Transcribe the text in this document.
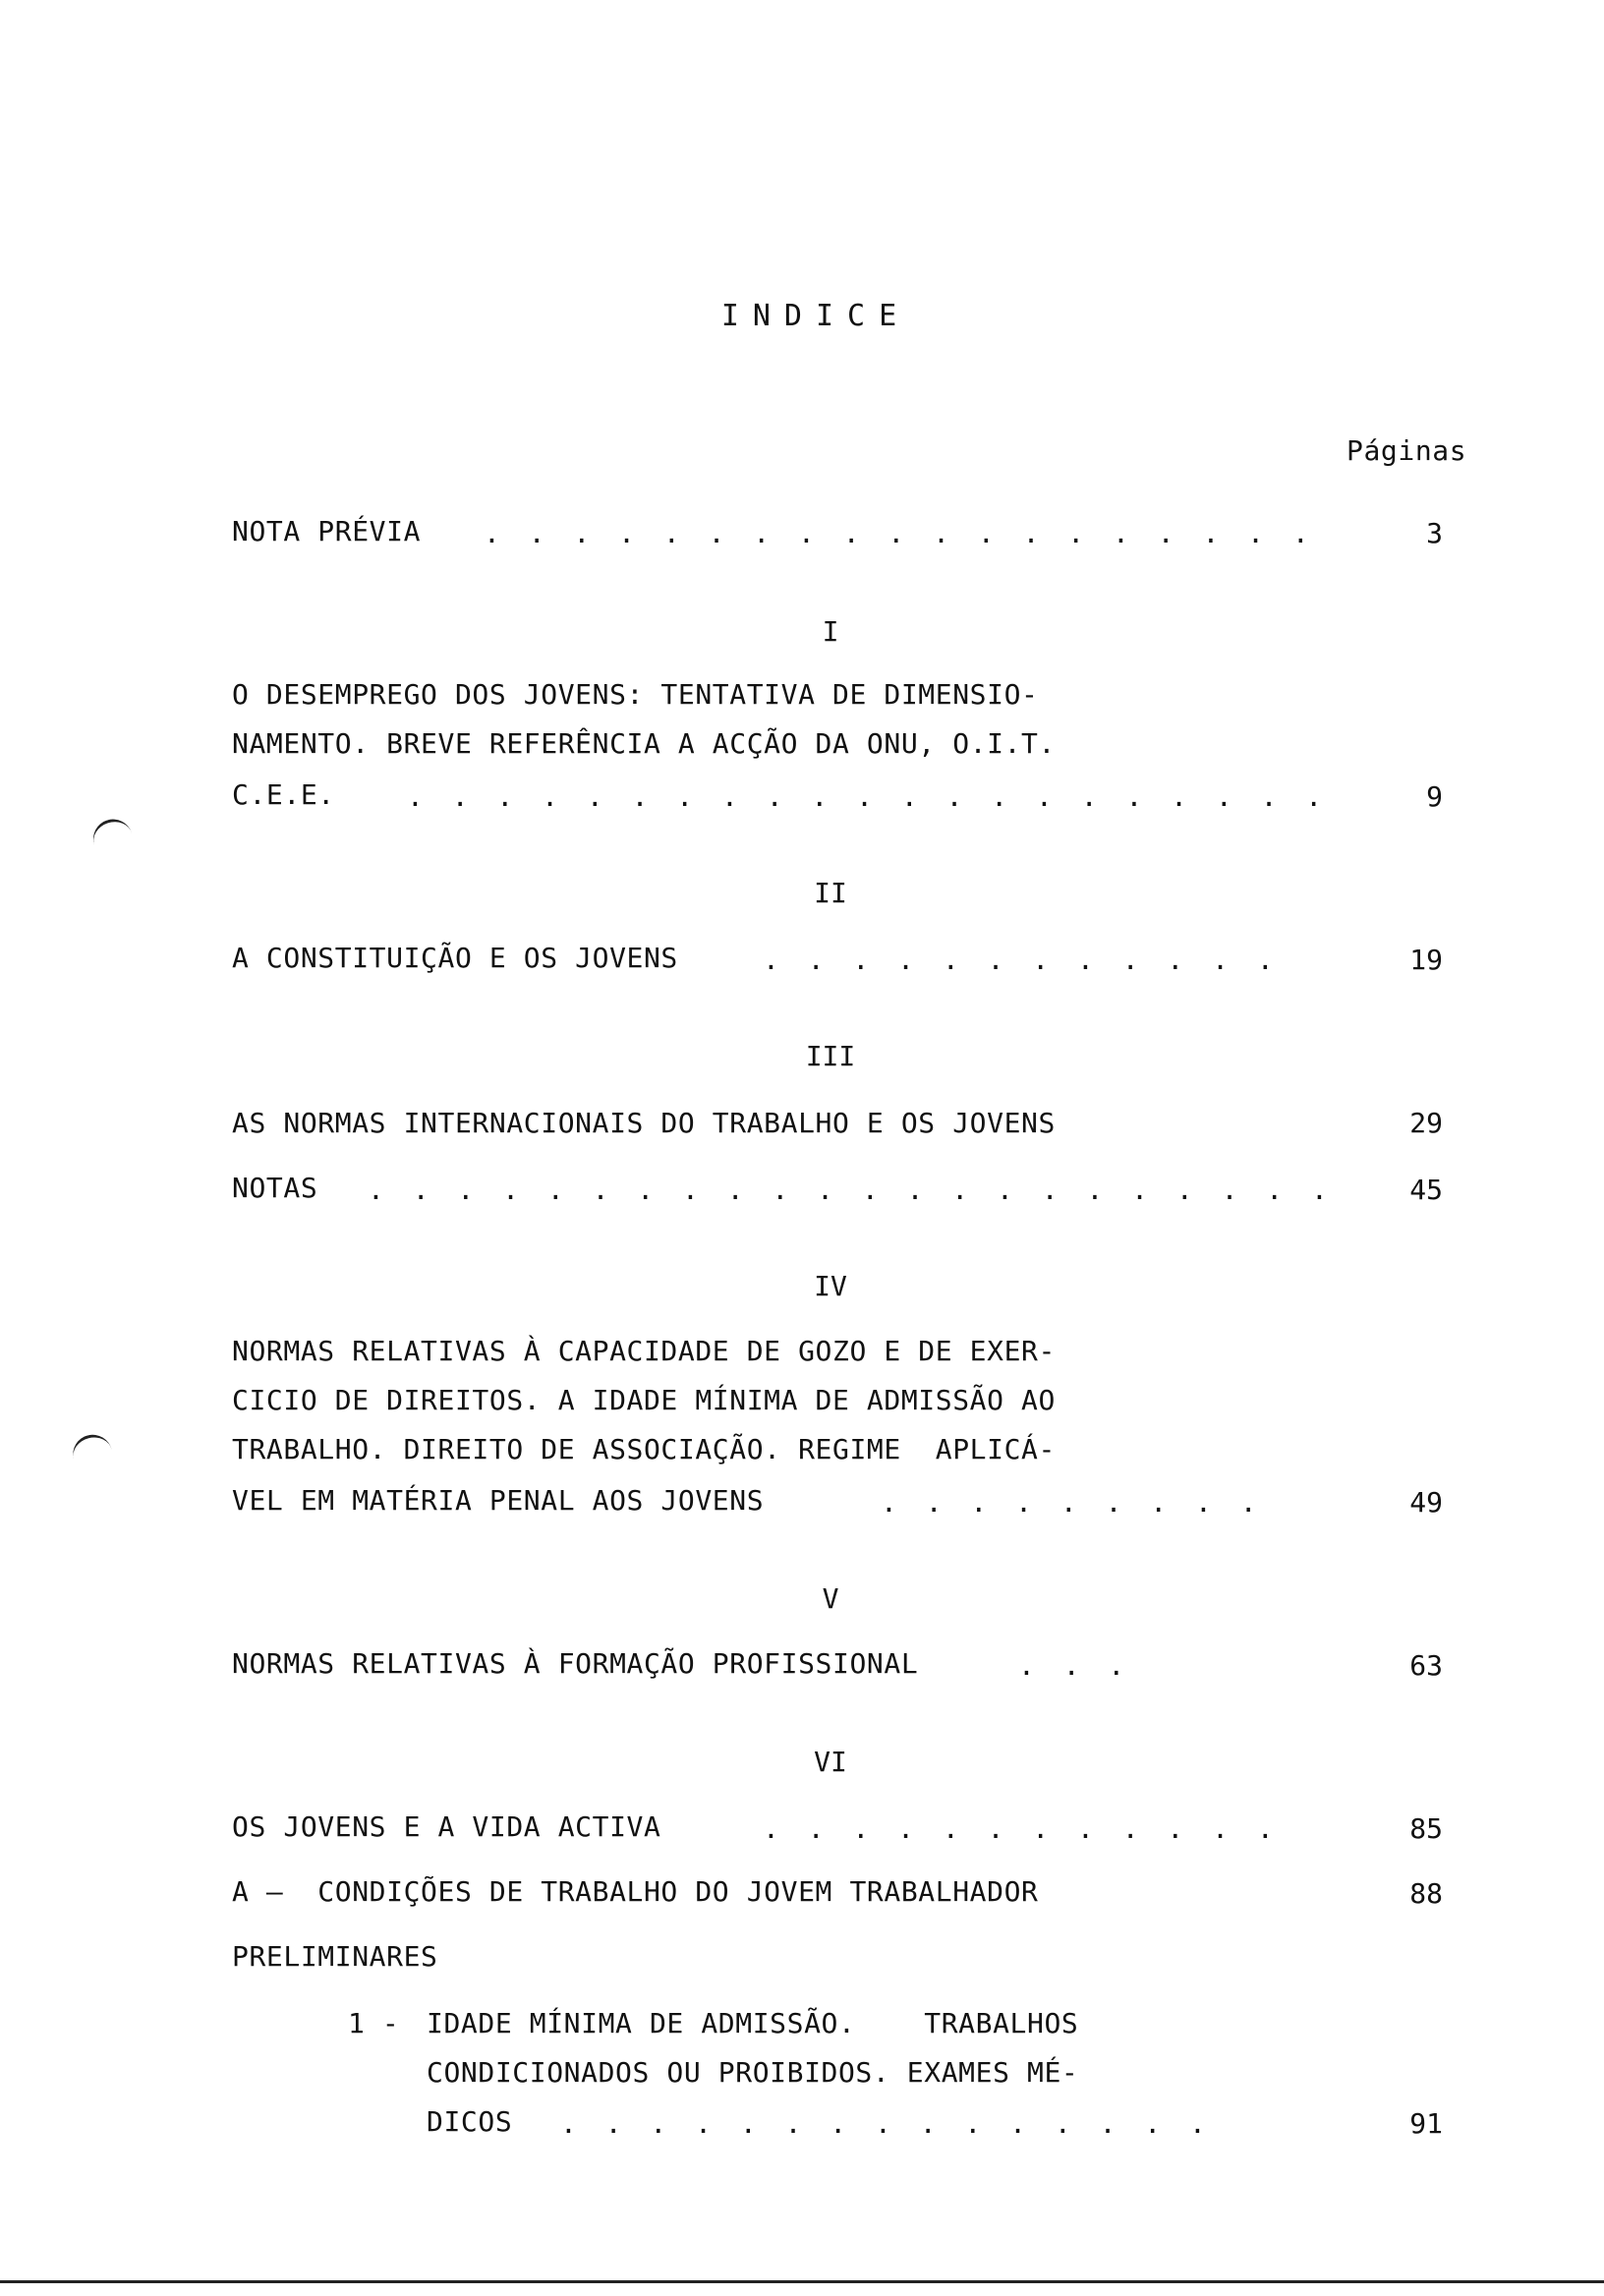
INDICE
Páginas
NOTA PRÉVIA . . . . . . . . . . . . . . . . . . .	3
I
O DESEMPREGO DOS JOVENS: TENTATIVA DE DIMENSIO-
NAMENTO. BREVE REFERÊNCIA A ACÇÃO DA ONU, O.I.T.
C.E.E.	. . . . . . . . . . . . . . . . . . . . .	9
II
A CONSTITUIÇÃO E OS JOVENS	. . . . . . . . . . . .	19
III
AS NORMAS INTERNACIONAIS DO TRABALHO E OS JOVENS	29
NOTAS . . . . . . . . . . . . . . . . . . . . . .	45
IV
NORMAS RELATIVAS À CAPACIDADE DE GOZO E DE EXER-
CICIO DE DIREITOS. A IDADE MÍNIMA DE ADMISSÃO AO
TRABALHO. DIREITO DE ASSOCIAÇÃO. REGIME  APLICÁ-
VEL EM MATÉRIA PENAL AOS JOVENS	. . . . . . . . .	49
V
NORMAS RELATIVAS À FORMAÇÃO PROFISSIONAL	. . .	63
VI
OS JOVENS E A VIDA ACTIVA	. . . . . . . . . . . .	85
A —  CONDIÇÕES DE TRABALHO DO JOVEM TRABALHADOR	88
PRELIMINARES
1 - IDADE MÍNIMA DE ADMISSÃO.    TRABALHOS
CONDICIONADOS OU PROIBIDOS. EXAMES MÉ-
DICOS . . . . . . . . . . . . . . .	91
